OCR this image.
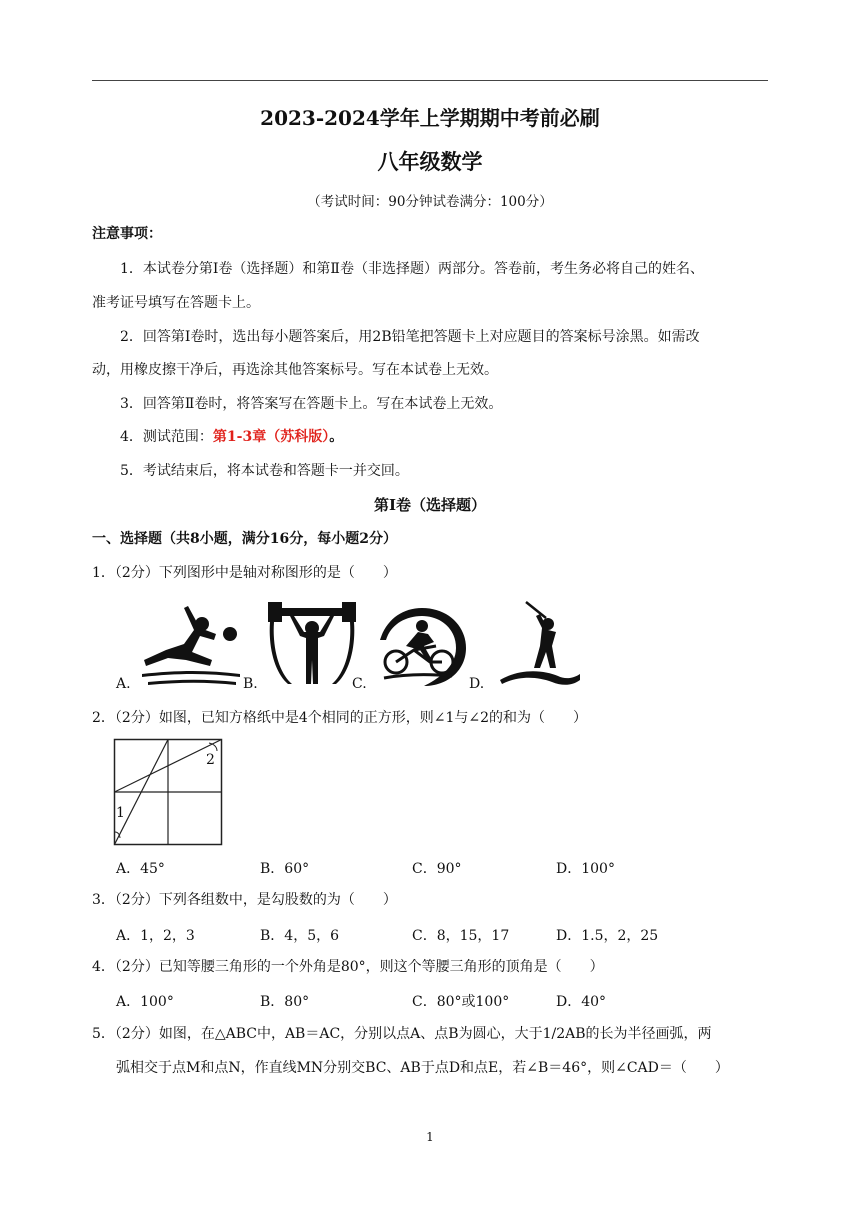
2023-2024学年上学期期中考前必刷
八年级数学
（考试时间：90分钟试卷满分：100分）
注意事项：
1．本试卷分第Ⅰ卷（选择题）和第Ⅱ卷（非选择题）两部分。答卷前，考生务必将自己的姓名、
准考证号填写在答题卡上。
2．回答第Ⅰ卷时，选出每小题答案后，用2B铅笔把答题卡上对应题目的答案标号涂黑。如需改
动，用橡皮擦干净后，再选涂其他答案标号。写在本试卷上无效。
3．回答第Ⅱ卷时，将答案写在答题卡上。写在本试卷上无效。
4．测试范围：第1-3章（苏科版）。
5．考试结束后，将本试卷和答题卡一并交回。
第Ⅰ卷（选择题）
一、选择题（共8小题，满分16分，每小题2分）
1．（2分）下列图形中是轴对称图形的是（　　）
A.	B.	C.	D.
2．（2分）如图，已知方格纸中是4个相同的正方形，则∠1与∠2的和为（　　）
2
1
A．45°	B．60°	C．90°	D．100°
3．（2分）下列各组数中，是勾股数的为（　　）
A．1，2，3	B．4，5，6	C．8，15，17	D．1.5，2，25
4．（2分）已知等腰三角形的一个外角是80°，则这个等腰三角形的顶角是（　　）
A．100°	B．80°	C．80°或100°	D．40°
5．（2分）如图，在△ABC中，AB＝AC，分别以点A、点B为圆心，大于1/2AB的长为半径画弧，两
弧相交于点M和点N，作直线MN分别交BC、AB于点D和点E，若∠B＝46°，则∠CAD＝（　　）
1
